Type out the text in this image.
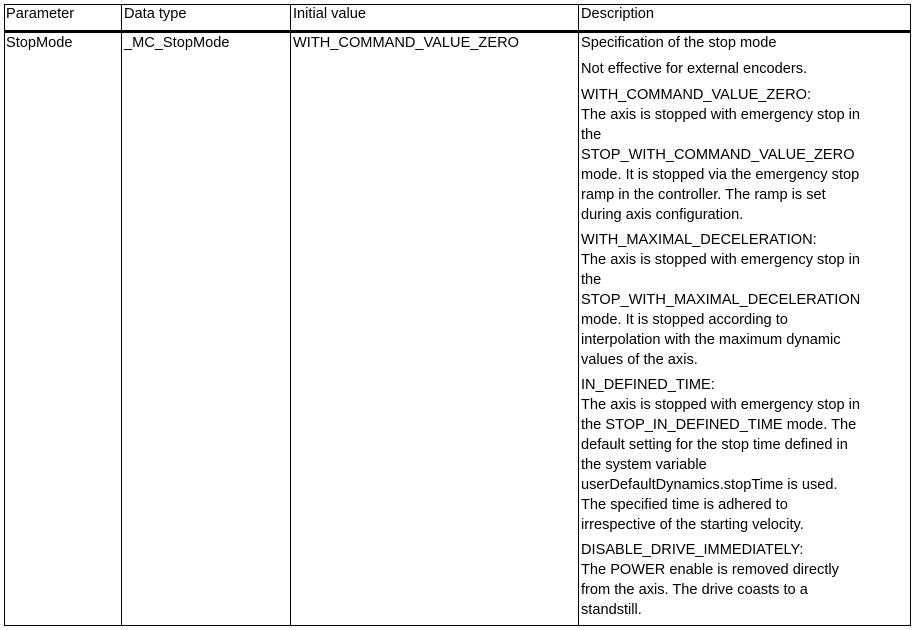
Parameter	Data type	Initial value	Description
StopMode	_MC_StopMode	WITH_COMMAND_VALUE_ZERO	Specification of the stop mode

Not effective for external encoders.

WITH_COMMAND_VALUE_ZERO:
The axis is stopped with emergency stop in
the
STOP_WITH_COMMAND_VALUE_ZERO
mode. It is stopped via the emergency stop
ramp in the controller. The ramp is set
during axis configuration.
WITH_MAXIMAL_DECELERATION:
The axis is stopped with emergency stop in
the
STOP_WITH_MAXIMAL_DECELERATION
mode. It is stopped according to
interpolation with the maximum dynamic
values of the axis.
IN_DEFINED_TIME:
The axis is stopped with emergency stop in
the STOP_IN_DEFINED_TIME mode. The
default setting for the stop time defined in
the system variable
userDefaultDynamics.stopTime is used.
The specified time is adhered to
irrespective of the starting velocity.
DISABLE_DRIVE_IMMEDIATELY:
The POWER enable is removed directly
from the axis. The drive coasts to a
standstill.
